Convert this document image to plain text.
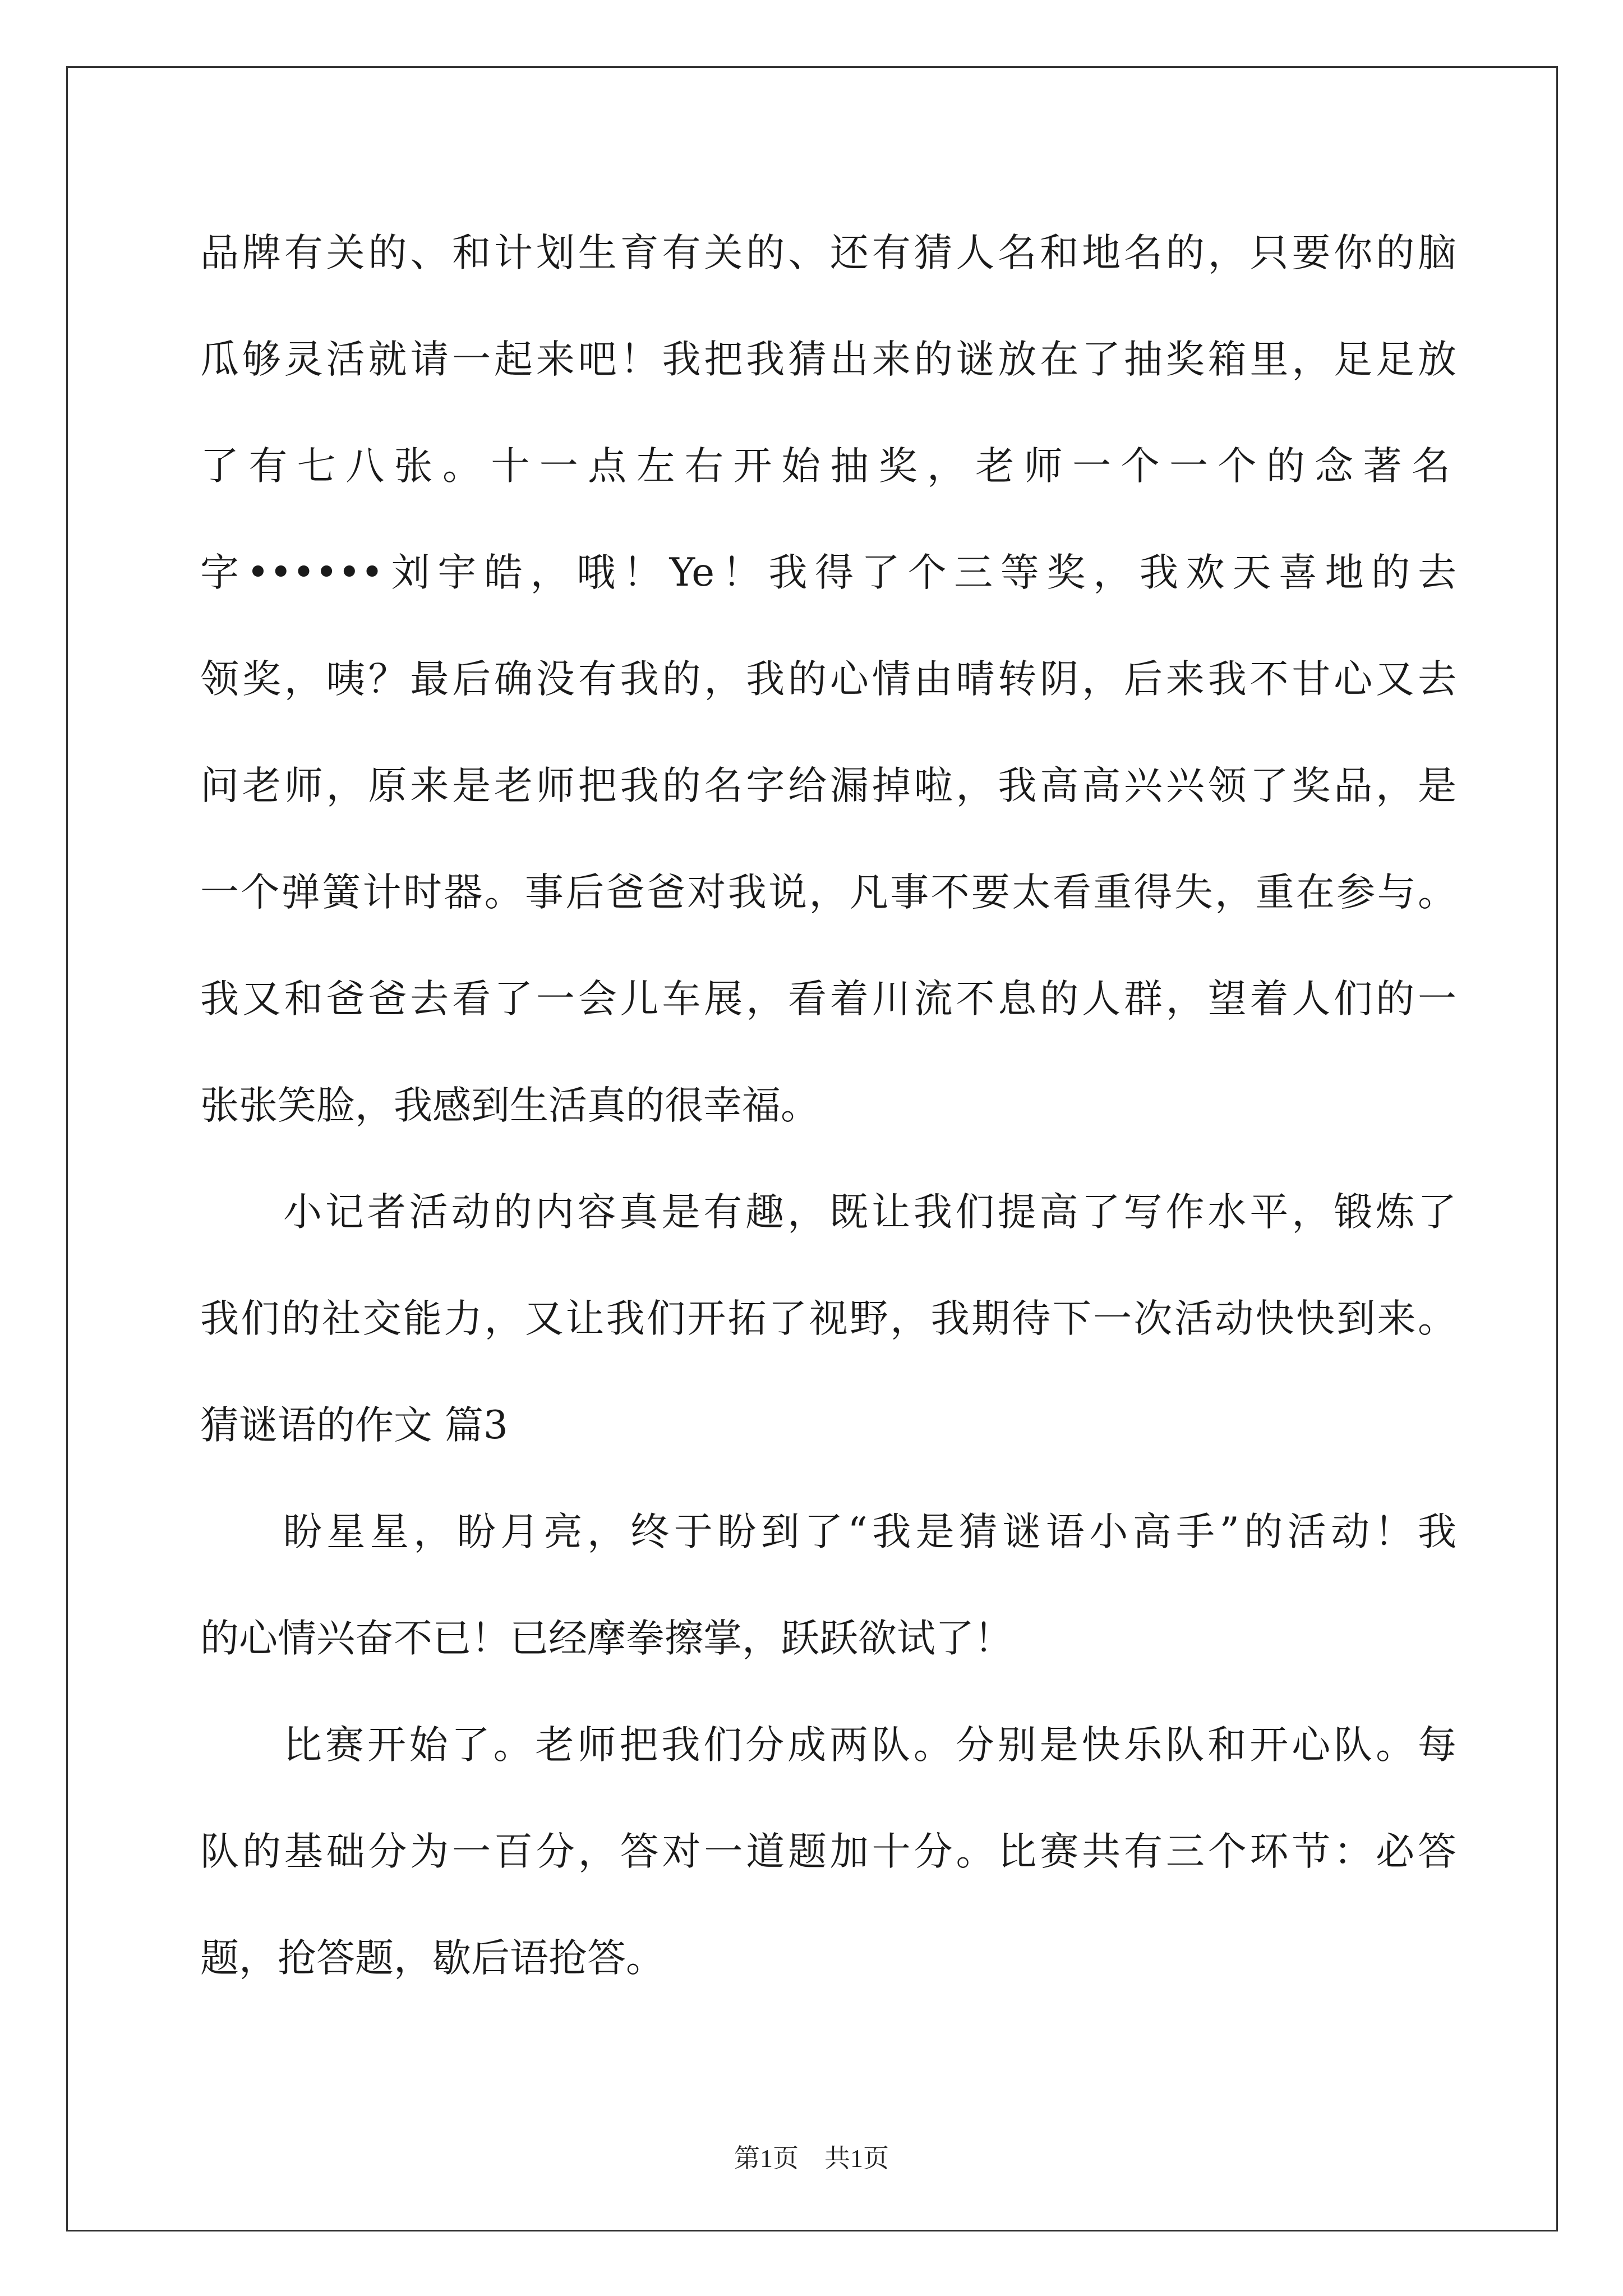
品牌有关的、和计划生育有关的、还有猜人名和地名的，只要你的脑
瓜够灵活就请一起来吧！我把我猜出来的谜放在了抽奖箱里，足足放
了有七八张。十一点左右开始抽奖，老师一个一个的念著名
字••••••刘宇皓，哦！Ye！我得了个三等奖，我欢天喜地的去
领奖，咦？最后确没有我的，我的心情由晴转阴，后来我不甘心又去
问老师，原来是老师把我的名字给漏掉啦，我高高兴兴领了奖品，是
一个弹簧计时器。事后爸爸对我说，凡事不要太看重得失，重在参与。
我又和爸爸去看了一会儿车展，看着川流不息的人群，望着人们的一
张张笑脸，我感到生活真的很幸福。
小记者活动的内容真是有趣，既让我们提高了写作水平，锻炼了
我们的社交能力，又让我们开拓了视野，我期待下一次活动快快到来。
猜谜语的作文 篇3
盼星星，盼月亮，终于盼到了“我是猜谜语小高手”的活动！我
的心情兴奋不已！已经摩拳擦掌，跃跃欲试了！
比赛开始了。老师把我们分成两队。分别是快乐队和开心队。每
队的基础分为一百分，答对一道题加十分。比赛共有三个环节：必答
题，抢答题，歇后语抢答。
第1页 共1页
